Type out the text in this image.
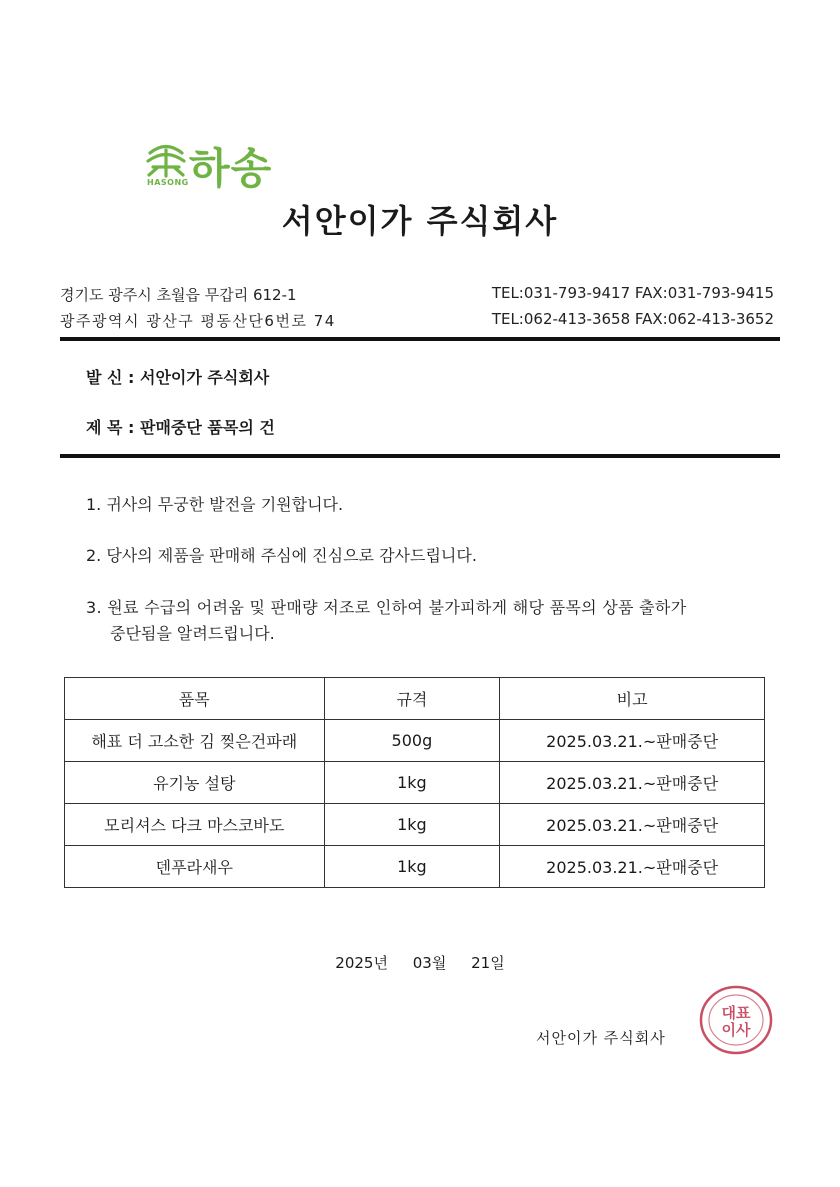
하송
HASONG
서안이가 주식회사
경기도 광주시 초월읍 무갑리 612-1
광주광역시 광산구 평동산단6번로 74
TEL:031-793-9417 FAX:031-793-9415
TEL:062-413-3658 FAX:062-413-3652
발 신 : 서안이가 주식회사
제 목 : 판매중단 품목의 건
1. 귀사의 무궁한 발전을 기원합니다.
2. 당사의 제품을 판매해 주심에 진심으로 감사드립니다.
3. 원료 수급의 어려움 및 판매량 저조로 인하여 불가피하게 해당 품목의 상품 출하가
중단됨을 알려드립니다.
품목	규격	비고
해표 더 고소한 김 찢은건파래	500g	2025.03.21.~판매중단
유기농 설탕	1kg	2025.03.21.~판매중단
모리셔스 다크 마스코바도	1kg	2025.03.21.~판매중단
덴푸라새우	1kg	2025.03.21.~판매중단
2025년 03월 21일
서안이가 주식회사
대표
이사
